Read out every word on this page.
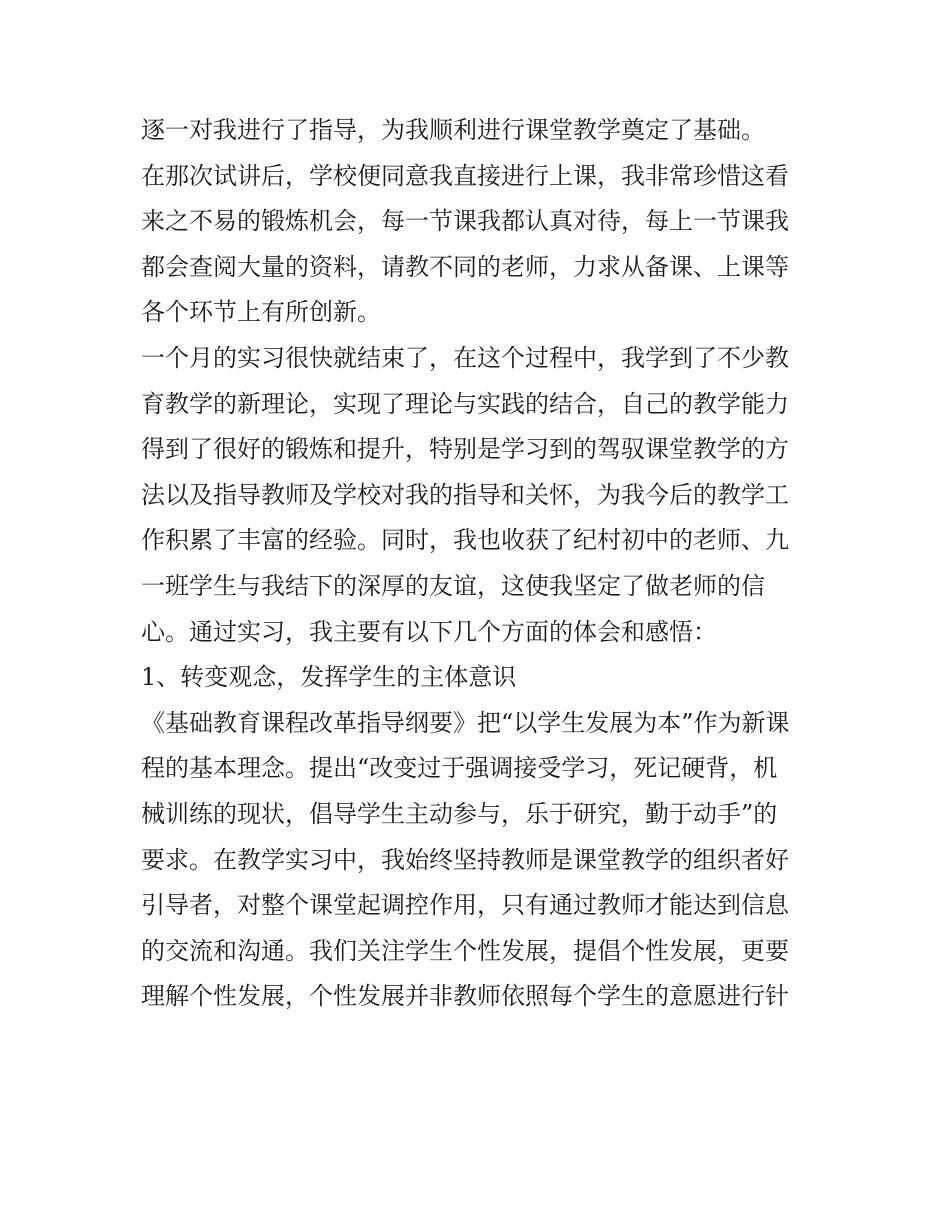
逐一对我进行了指导，为我顺利进行课堂教学奠定了基础。
在那次试讲后，学校便同意我直接进行上课，我非常珍惜这看
来之不易的锻炼机会，每一节课我都认真对待，每上一节课我
都会查阅大量的资料，请教不同的老师，力求从备课、上课等
各个环节上有所创新。
一个月的实习很快就结束了，在这个过程中，我学到了不少教
育教学的新理论，实现了理论与实践的结合，自己的教学能力
得到了很好的锻炼和提升，特别是学习到的驾驭课堂教学的方
法以及指导教师及学校对我的指导和关怀，为我今后的教学工
作积累了丰富的经验。同时，我也收获了纪村初中的老师、九
一班学生与我结下的深厚的友谊，这使我坚定了做老师的信
心。通过实习，我主要有以下几个方面的体会和感悟：
1、转变观念，发挥学生的主体意识
《基础教育课程改革指导纲要》把“以学生发展为本”作为新课
程的基本理念。提出“改变过于强调接受学习，死记硬背，机
械训练的现状，倡导学生主动参与，乐于研究，勤于动手”的
要求。在教学实习中，我始终坚持教师是课堂教学的组织者好
引导者，对整个课堂起调控作用，只有通过教师才能达到信息
的交流和沟通。我们关注学生个性发展，提倡个性发展，更要
理解个性发展，个性发展并非教师依照每个学生的意愿进行针
